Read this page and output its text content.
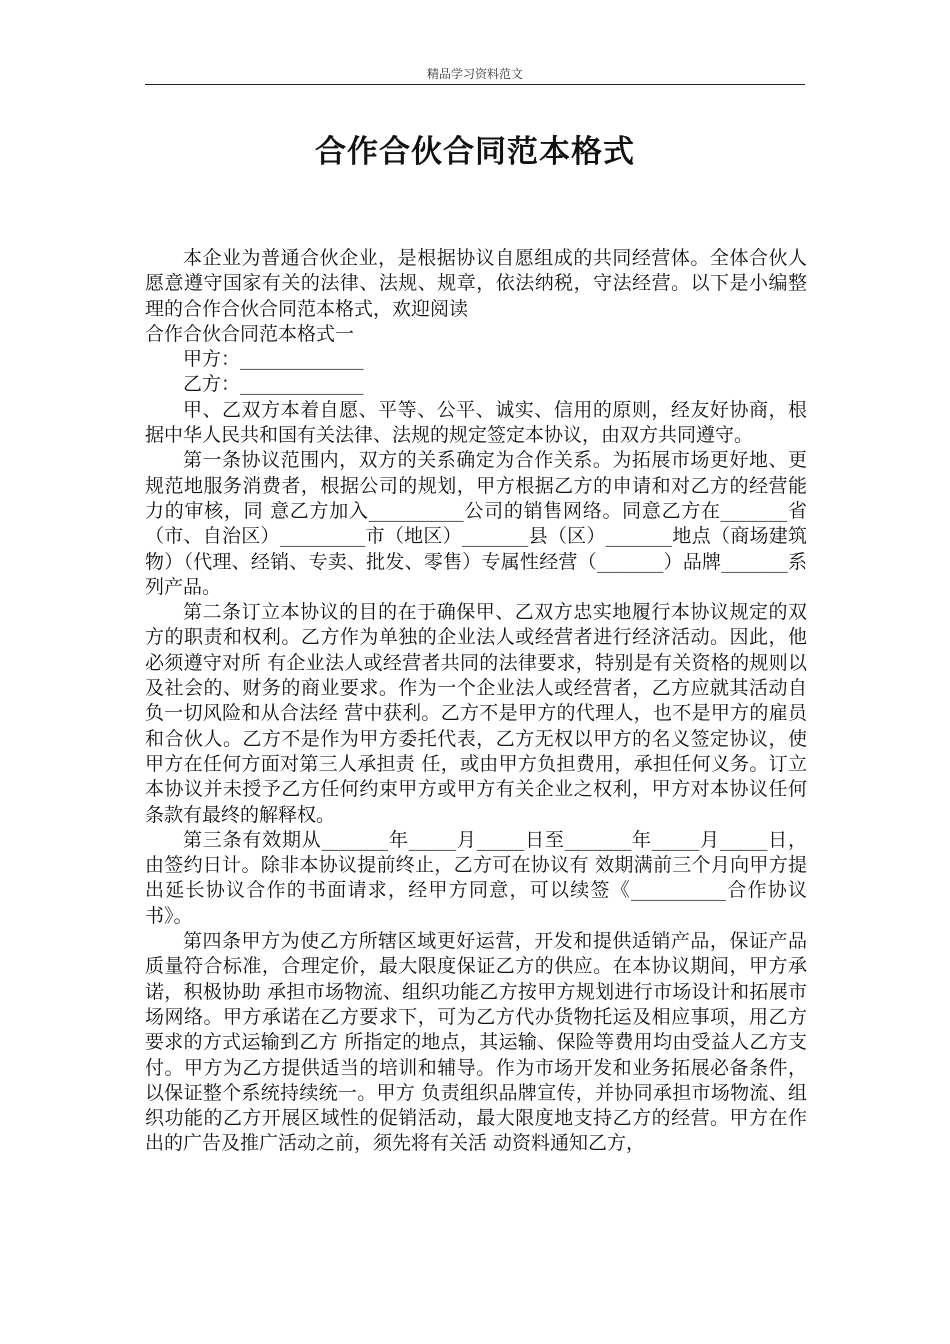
精品学习资料范文
合作合伙合同范本格式

本企业为普通合伙企业，是根据协议自愿组成的共同经营体。全体合伙人愿意遵守国家有关的法律、法规、规章，依法纳税，守法经营。以下是小编整理的合作合伙合同范本格式，欢迎阅读

合作合伙合同范本格式一

甲方：_____________

乙方：_____________

甲、乙双方本着自愿、平等、公平、诚实、信用的原则，经友好协商，根据中华人民共和国有关法律、法规的规定签定本协议，由双方共同遵守。

第一条协议范围内，双方的关系确定为合作关系。为拓展市场更好地、更规范地服务消费者，根据公司的规划，甲方根据乙方的申请和对乙方的经营能力的审核，同 意乙方加入__________公司的销售网络。同意乙方在_______省（市、自治区）_________市（地区）_______县（区）_______地点（商场建筑物）（代理、经销、专卖、批发、零售）专属性经营（_______）品牌_______系列产品。

第二条订立本协议的目的在于确保甲、乙双方忠实地履行本协议规定的双方的职责和权利。乙方作为单独的企业法人或经营者进行经济活动。因此，他必须遵守对所 有企业法人或经营者共同的法律要求，特别是有关资格的规则以及社会的、财务的商业要求。作为一个企业法人或经营者，乙方应就其活动自负一切风险和从合法经 营中获利。乙方不是甲方的代理人，也不是甲方的雇员和合伙人。乙方不是作为甲方委托代表，乙方无权以甲方的名义签定协议，使甲方在任何方面对第三人承担责 任，或由甲方负担费用，承担任何义务。订立本协议并未授予乙方任何约束甲方或甲方有关企业之权利，甲方对本协议任何条款有最终的解释权。

第三条有效期从_______年_____月_____日至_______年_____月_____日，由签约日计。除非本协议提前终止，乙方可在协议有 效期满前三个月向甲方提出延长协议合作的书面请求，经甲方同意，可以续签《__________合作协议书》。

第四条甲方为使乙方所辖区域更好运营，开发和提供适销产品，保证产品质量符合标准，合理定价，最大限度保证乙方的供应。在本协议期间，甲方承诺，积极协助 承担市场物流、组织功能乙方按甲方规划进行市场设计和拓展市场网络。甲方承诺在乙方要求下，可为乙方代办货物托运及相应事项，用乙方要求的方式运输到乙方 所指定的地点，其运输、保险等费用均由受益人乙方支付。甲方为乙方提供适当的培训和辅导。作为市场开发和业务拓展必备条件，以保证整个系统持续统一。甲方 负责组织品牌宣传，并协同承担市场物流、组织功能的乙方开展区域性的促销活动，最大限度地支持乙方的经营。甲方在作出的广告及推广活动之前，须先将有关活 动资料通知乙方，
